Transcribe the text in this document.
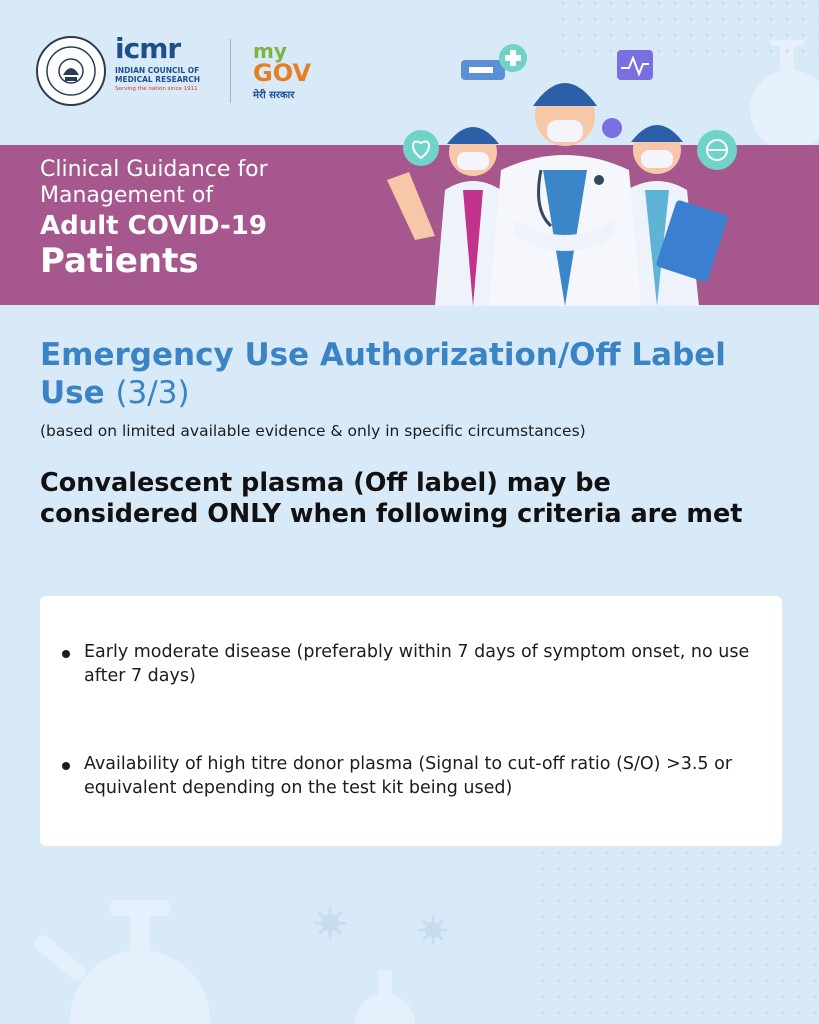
icmr
INDIAN COUNCIL OF
MEDICAL RESEARCH
Serving the nation since 1911
my
GOV
मेरी सरकार
Clinical Guidance for
Management of
Adult COVID-19
Patients
Emergency Use Authorization/Off Label Use (3/3)
(based on limited available evidence & only in specific circumstances)
Convalescent plasma (Off label) may be considered ONLY when following criteria are met
Early moderate disease (preferably within 7 days of symptom onset, no use after 7 days)
Availability of high titre donor plasma (Signal to cut-off ratio (S/O) >3.5 or equivalent depending on the test kit being used)
